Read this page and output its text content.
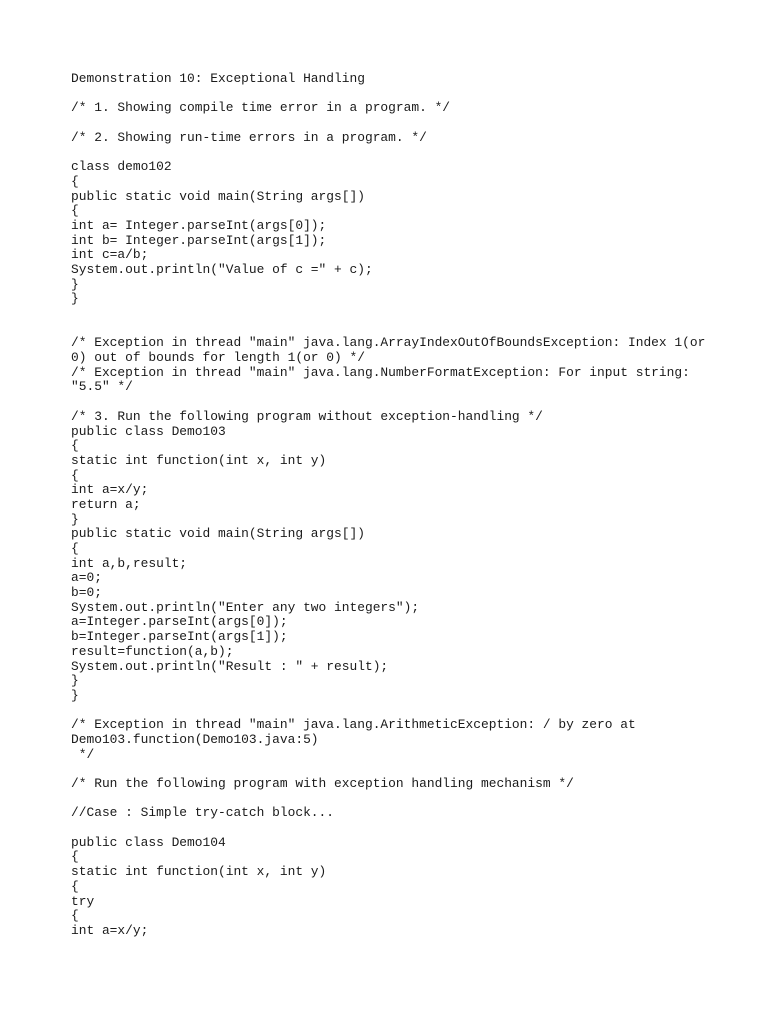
Demonstration 10: Exceptional Handling
/* 1. Showing compile time error in a program. */
/* 2. Showing run-time errors in a program. */
class demo102
{
public static void main(String args[])
{
int a= Integer.parseInt(args[0]);
int b= Integer.parseInt(args[1]);
int c=a/b;
System.out.println("Value of c =" + c);
}
}
/* Exception in thread "main" java.lang.ArrayIndexOutOfBoundsException: Index 1(or
0) out of bounds for length 1(or 0) */
/* Exception in thread "main" java.lang.NumberFormatException: For input string:
"5.5" */
/* 3. Run the following program without exception-handling */
public class Demo103
{
static int function(int x, int y)
{
int a=x/y;
return a;
}
public static void main(String args[])
{
int a,b,result;
a=0;
b=0;
System.out.println("Enter any two integers");
a=Integer.parseInt(args[0]);
b=Integer.parseInt(args[1]);
result=function(a,b);
System.out.println("Result : " + result);
}
}
/* Exception in thread "main" java.lang.ArithmeticException: / by zero at
Demo103.function(Demo103.java:5)
*/
/* Run the following program with exception handling mechanism */
//Case : Simple try-catch block...
public class Demo104
{
static int function(int x, int y)
{
try
{
int a=x/y;
